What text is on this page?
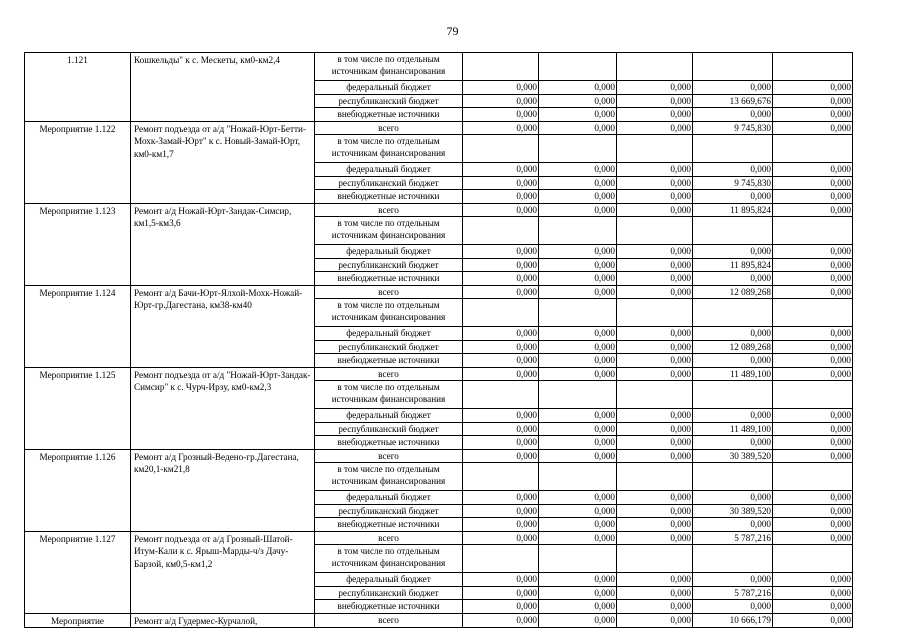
79
1.121	Кошкельды" к с. Мескеты, км0-км2,4	в том числе по отдельным источникам финансирования					
		федеральный бюджет	0,000	0,000	0,000	0,000	0,000
		республиканский бюджет	0,000	0,000	0,000	13 669,676	0,000
		внебюджетные источники	0,000	0,000	0,000	0,000	0,000
Мероприятие 1.122	Ремонт подъезда от а/д "Ножай-Юрт-Бетти-Мохк-Замай-Юрт" к с. Новый-Замай-Юрт, км0-км1,7	всего	0,000	0,000	0,000	9 745,830	0,000
		в том числе по отдельным источникам финансирования					
		федеральный бюджет	0,000	0,000	0,000	0,000	0,000
		республиканский бюджет	0,000	0,000	0,000	9 745,830	0,000
		внебюджетные источники	0,000	0,000	0,000	0,000	0,000
Мероприятие 1.123	Ремонт а/д Ножай-Юрт-Зандак-Симсир, км1,5-км3,6	всего	0,000	0,000	0,000	11 895,824	0,000
		в том числе по отдельным источникам финансирования					
		федеральный бюджет	0,000	0,000	0,000	0,000	0,000
		республиканский бюджет	0,000	0,000	0,000	11 895,824	0,000
		внебюджетные источники	0,000	0,000	0,000	0,000	0,000
Мероприятие 1.124	Ремонт а/д Бачи-Юрт-Ялхой-Мохк-Ножай-Юрт-гр.Дагестана, км38-км40	всего	0,000	0,000	0,000	12 089,268	0,000
		в том числе по отдельным источникам финансирования					
		федеральный бюджет	0,000	0,000	0,000	0,000	0,000
		республиканский бюджет	0,000	0,000	0,000	12 089,268	0,000
		внебюджетные источники	0,000	0,000	0,000	0,000	0,000
Мероприятие 1.125	Ремонт подъезда от а/д "Ножай-Юрт-Зандак-Симсир" к с. Чурч-Ирзу, км0-км2,3	всего	0,000	0,000	0,000	11 489,100	0,000
		в том числе по отдельным источникам финансирования					
		федеральный бюджет	0,000	0,000	0,000	0,000	0,000
		республиканский бюджет	0,000	0,000	0,000	11 489,100	0,000
		внебюджетные источники	0,000	0,000	0,000	0,000	0,000
Мероприятие 1.126	Ремонт а/д Грозный-Ведено-гр.Дагестана, км20,1-км21,8	всего	0,000	0,000	0,000	30 389,520	0,000
		в том числе по отдельным источникам финансирования					
		федеральный бюджет	0,000	0,000	0,000	0,000	0,000
		республиканский бюджет	0,000	0,000	0,000	30 389,520	0,000
		внебюджетные источники	0,000	0,000	0,000	0,000	0,000
Мероприятие 1.127	Ремонт подъезда от а/д Грозный-Шатой-Итум-Кали к с. Ярыш-Марды-ч/з Дачу-Барзой, км0,5-км1,2	всего	0,000	0,000	0,000	5 787,216	0,000
		в том числе по отдельным источникам финансирования					
		федеральный бюджет	0,000	0,000	0,000	0,000	0,000
		республиканский бюджет	0,000	0,000	0,000	5 787,216	0,000
		внебюджетные источники	0,000	0,000	0,000	0,000	0,000
Мероприятие	Ремонт а/д Гудермес-Курчалой,	всего	0,000	0,000	0,000	10 666,179	0,000
